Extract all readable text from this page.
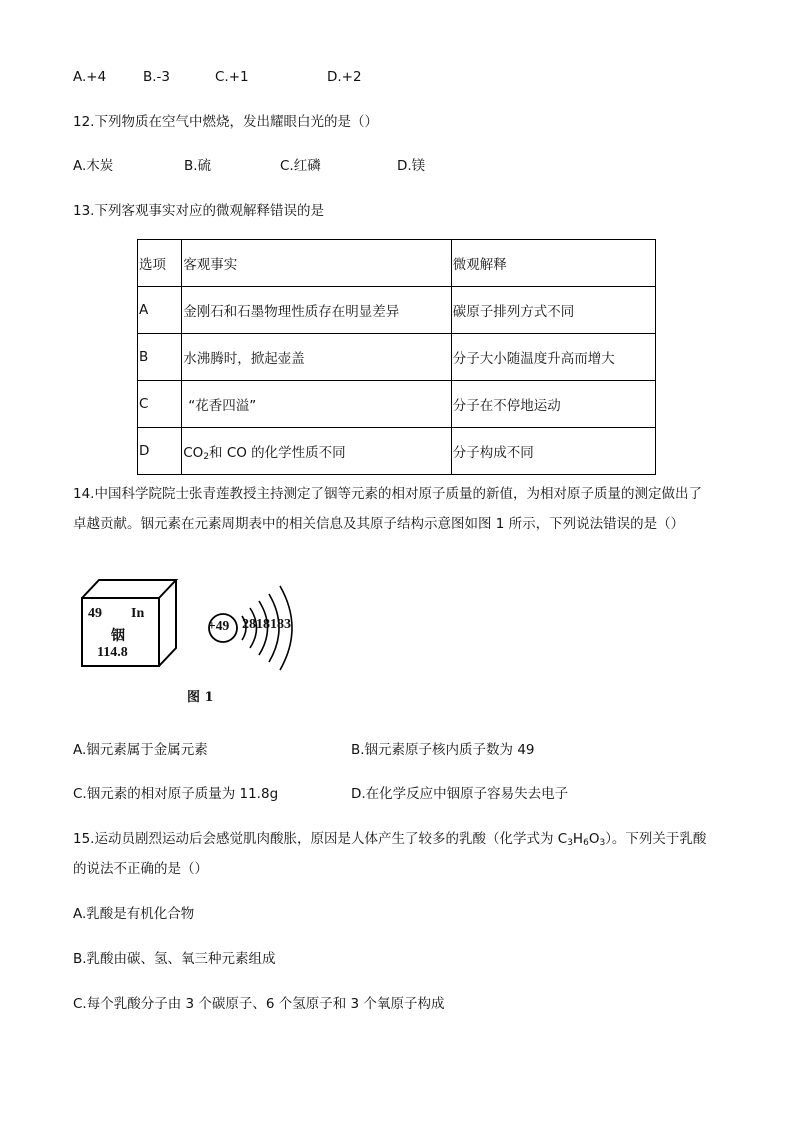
A.+4	B.-3	C.+1	D.+2
12.下列物质在空气中燃烧，发出耀眼白光的是（）
A.木炭	B.硫	C.红磷	D.镁
13.下列客观事实对应的微观解释错误的是
选项	客观事实	微观解释
A	金刚石和石墨物理性质存在明显差异	碳原子排列方式不同
B	水沸腾时，掀起壶盖	分子大小随温度升高而增大
C	“花香四溢”	分子在不停地运动
D	$CO_2$和 CO 的化学性质不同	分子构成不同
14.中国科学院院士张青莲教授主持测定了铟等元素的相对原子质量的新值，为相对原子质量的测定做出了
卓越贡献。铟元素在元素周期表中的相关信息及其原子结构示意图如图 1 所示，下列说法错误的是（）
49 In
铟
114.8
+49 2818183
图 1
A.铟元素属于金属元素	B.铟元素原子核内质子数为 49
C.铟元素的相对原子质量为 11.8g	D.在化学反应中铟原子容易失去电子
15.运动员剧烈运动后会感觉肌肉酸胀，原因是人体产生了较多的乳酸（化学式为 $C_3H_6O_3$）。下列关于乳酸
的说法不正确的是（）
A.乳酸是有机化合物
B.乳酸由碳、氢、氧三种元素组成
C.每个乳酸分子由 3 个碳原子、6 个氢原子和 3 个氧原子构成
